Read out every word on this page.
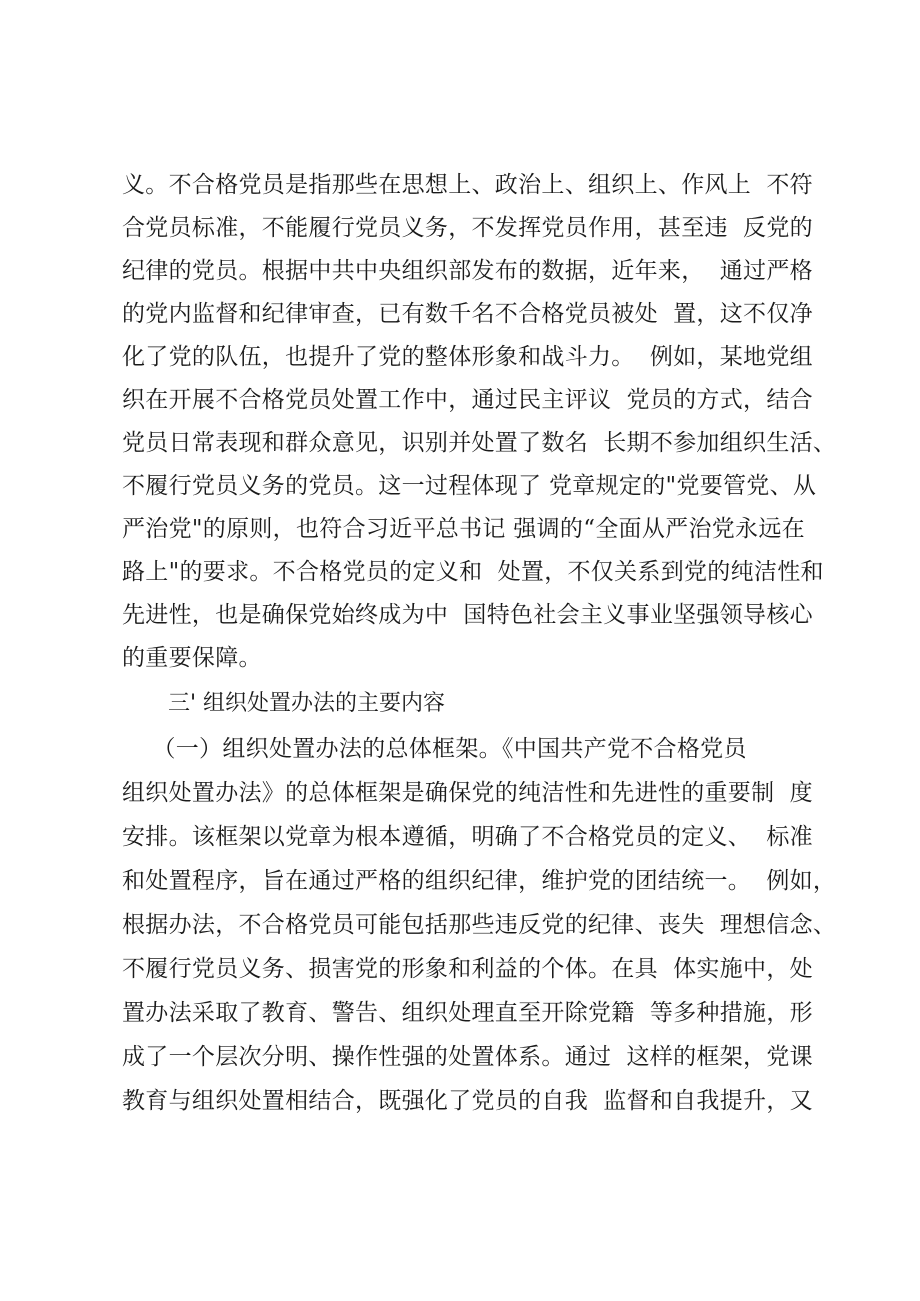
义。不合格党员是指那些在思想上、政治上、组织上、作风上  不符
合党员标准，不能履行党员义务，不发挥党员作用，甚至违  反党的
纪律的党员。根据中共中央组织部发布的数据，近年来，  通过严格
的党内监督和纪律审查，已有数千名不合格党员被处  置，这不仅净
化了党的队伍，也提升了党的整体形象和战斗力。  例如，某地党组
织在开展不合格党员处置工作中，通过民主评议  党员的方式，结合
党员日常表现和群众意见，识别并处置了数名  长期不参加组织生活、
不履行党员义务的党员。这一过程体现了 党章规定的"党要管党、从
严治党"的原则，也符合习近平总书记 强调的“全面从严治党永远在
路上"的要求。不合格党员的定义和  处置，不仅关系到党的纯洁性和
先进性，也是确保党始终成为中  国特色社会主义事业坚强领导核心
的重要保障。
三' 组织处置办法的主要内容
（一）组织处置办法的总体框架。《中国共产党不合格党员
组织处置办法》的总体框架是确保党的纯洁性和先进性的重要制  度
安排。该框架以党章为根本遵循，明确了不合格党员的定义、  标准
和处置程序，旨在通过严格的组织纪律，维护党的团结统一。  例如，
根据办法，不合格党员可能包括那些违反党的纪律、丧失  理想信念、
不履行党员义务、损害党的形象和利益的个体。在具  体实施中，处
置办法采取了教育、警告、组织处理直至开除党籍  等多种措施，形
成了一个层次分明、操作性强的处置体系。通过  这样的框架，党课
教育与组织处置相结合，既强化了党员的自我  监督和自我提升，又
